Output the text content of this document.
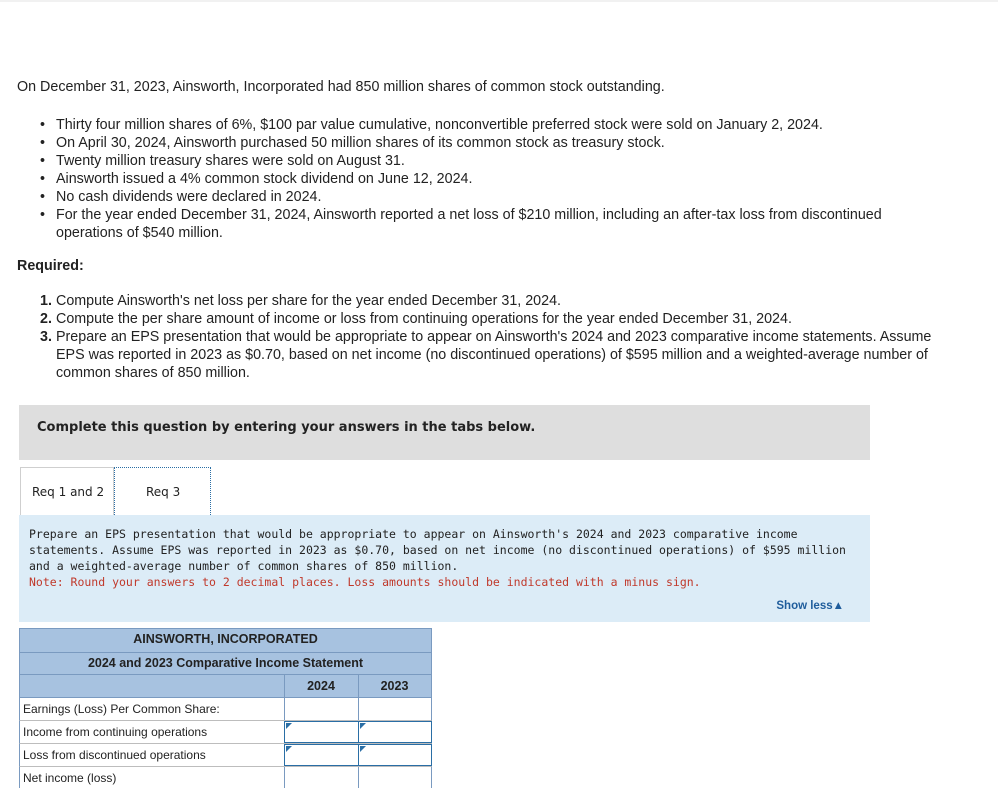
On December 31, 2023, Ainsworth, Incorporated had 850 million shares of common stock outstanding.

• Thirty four million shares of 6%, $100 par value cumulative, nonconvertible preferred stock were sold on January 2, 2024.
• On April 30, 2024, Ainsworth purchased 50 million shares of its common stock as treasury stock.
• Twenty million treasury shares were sold on August 31.
• Ainsworth issued a 4% common stock dividend on June 12, 2024.
• No cash dividends were declared in 2024.
• For the year ended December 31, 2024, Ainsworth reported a net loss of $210 million, including an after-tax loss from discontinued operations of $540 million.

Required:

1. Compute Ainsworth's net loss per share for the year ended December 31, 2024.
2. Compute the per share amount of income or loss from continuing operations for the year ended December 31, 2024.
3. Prepare an EPS presentation that would be appropriate to appear on Ainsworth's 2024 and 2023 comparative income statements. Assume EPS was reported in 2023 as $0.70, based on net income (no discontinued operations) of $595 million and a weighted-average number of common shares of 850 million.
Complete this question by entering your answers in the tabs below.
Req 1 and 2	Req 3

Prepare an EPS presentation that would be appropriate to appear on Ainsworth's 2024 and 2023 comparative income statements. Assume EPS was reported in 2023 as $0.70, based on net income (no discontinued operations) of $595 million and a weighted-average number of common shares of 850 million.

Note: Round your answers to 2 decimal places. Loss amounts should be indicated with a minus sign.

Show less▲
AINSWORTH, INCORPORATED
2024 and 2023 Comparative Income Statement
2024	2023
Earnings (Loss) Per Common Share:
Income from continuing operations
Loss from discontinued operations
Net income (loss)
